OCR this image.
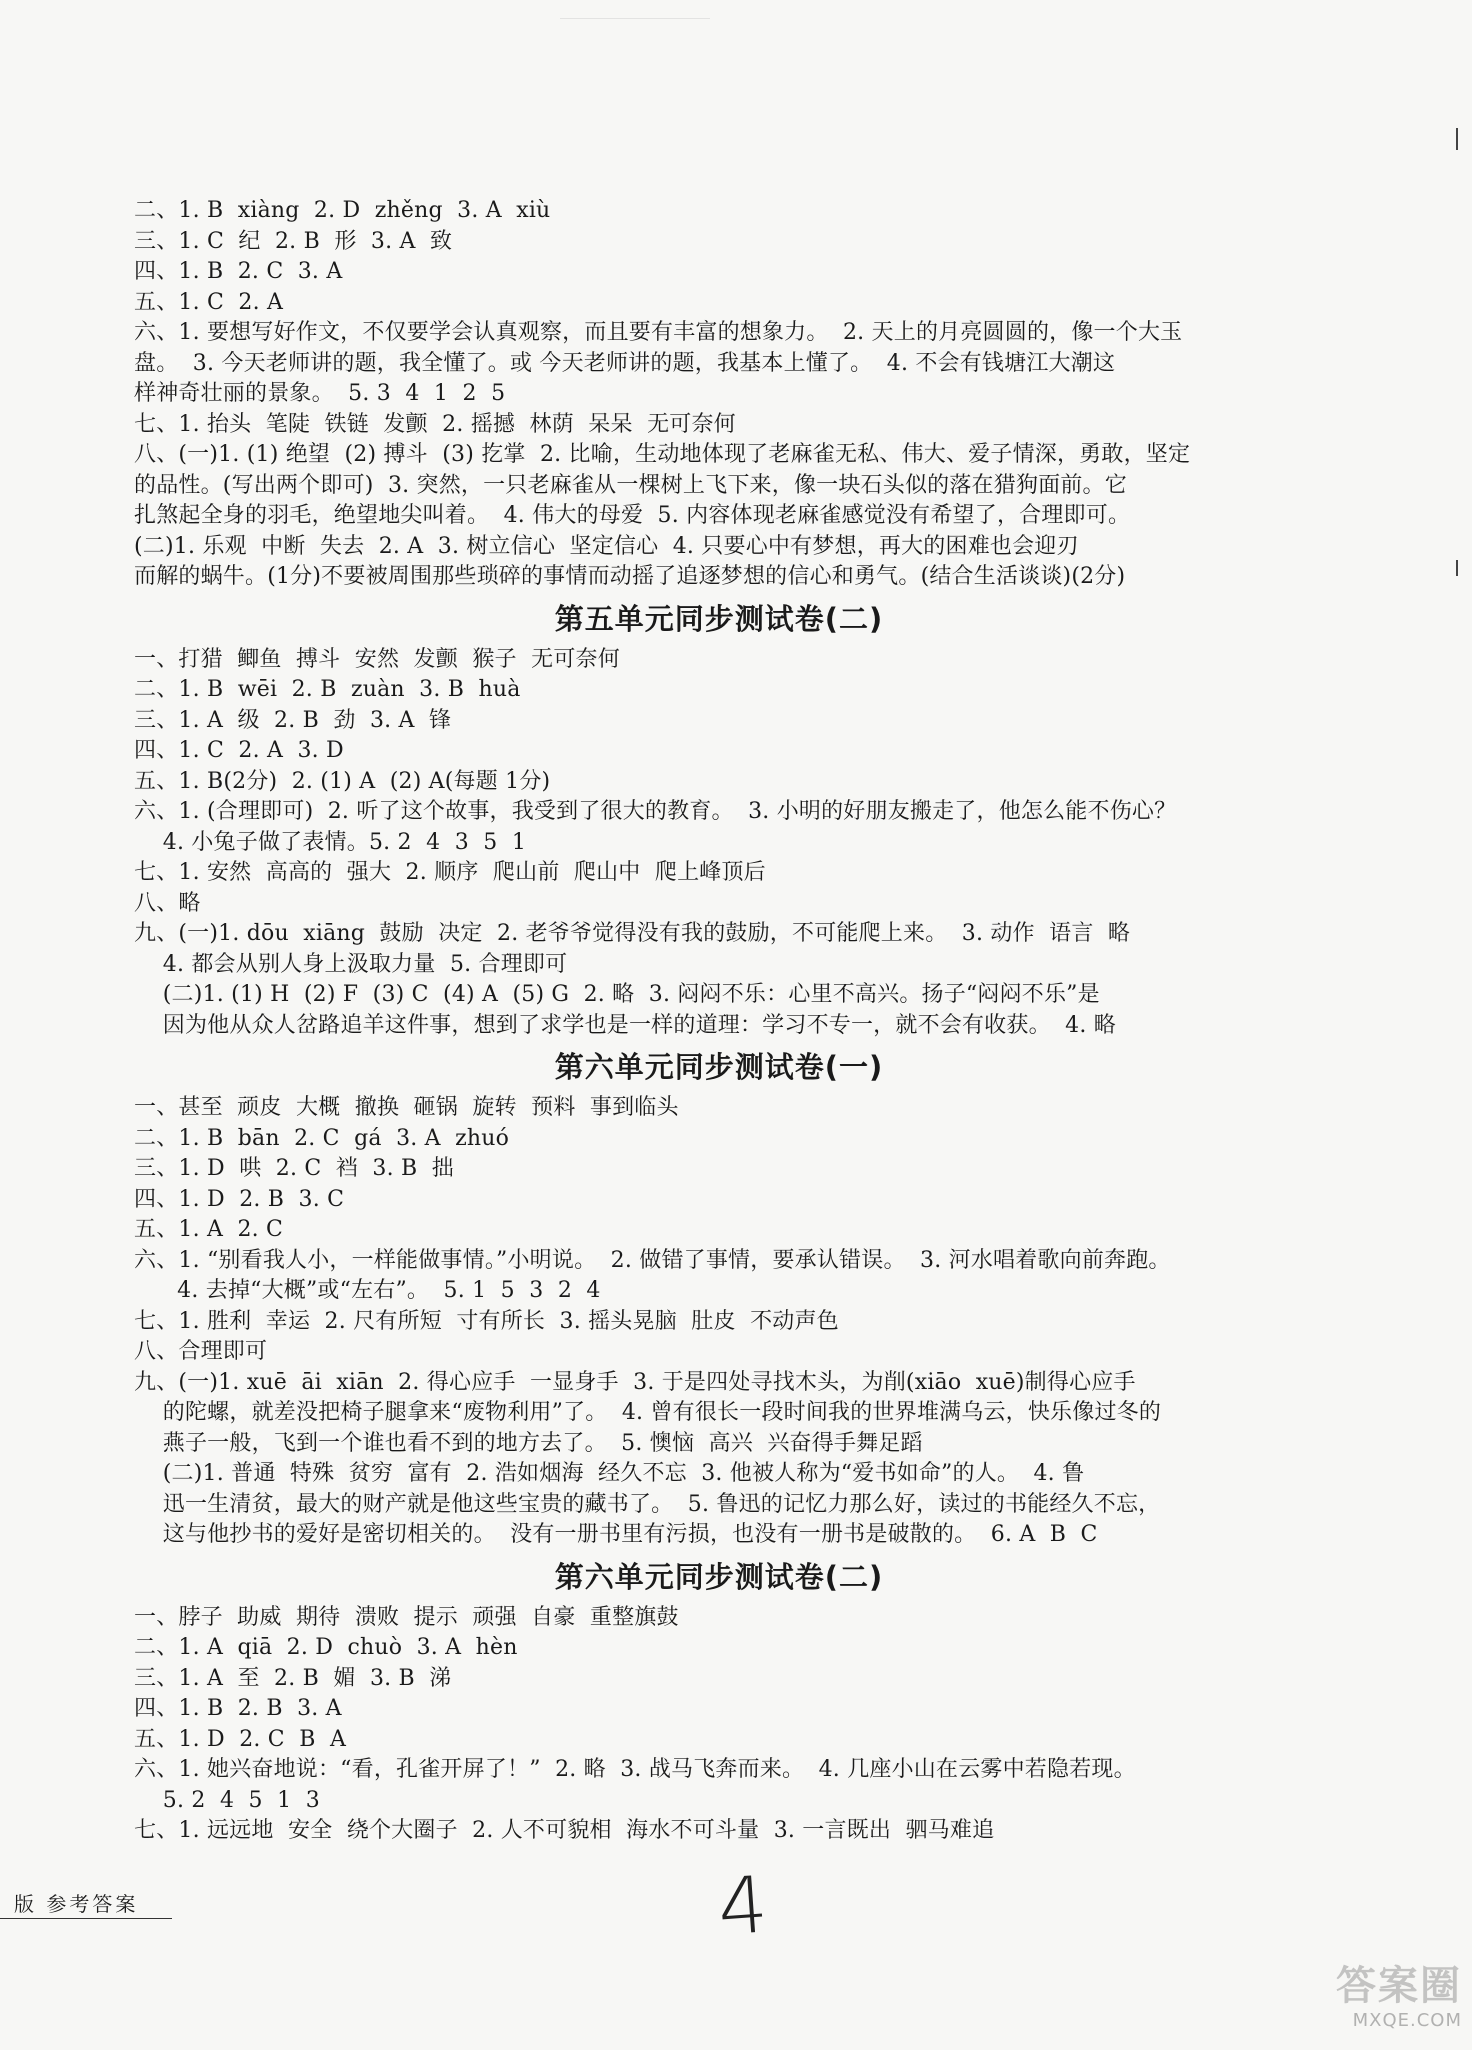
二、1. B  xiàng  2. D  zhěng  3. A  xiù
三、1. C  纪  2. B  形  3. A  致
四、1. B  2. C  3. A
五、1. C  2. A
六、1. 要想写好作文，不仅要学会认真观察，而且要有丰富的想象力。  2. 天上的月亮圆圆的，像一个大玉
盘。  3. 今天老师讲的题，我全懂了。或 今天老师讲的题，我基本上懂了。  4. 不会有钱塘江大潮这
样神奇壮丽的景象。  5. 3  4  1  2  5
七、1. 抬头  笔陡  铁链  发颤  2. 摇撼  林荫  呆呆  无可奈何
八、(一)1. (1) 绝望  (2) 搏斗  (3) 扢掌  2. 比喻，生动地体现了老麻雀无私、伟大、爱子情深，勇敢，坚定
的品性。(写出两个即可)  3. 突然，一只老麻雀从一棵树上飞下来，像一块石头似的落在猎狗面前。它
扎煞起全身的羽毛，绝望地尖叫着。  4. 伟大的母爱  5. 内容体现老麻雀感觉没有希望了，合理即可。
(二)1. 乐观  中断  失去  2. A  3. 树立信心  坚定信心  4. 只要心中有梦想，再大的困难也会迎刃
而解的蜗牛。(1分)不要被周围那些琐碎的事情而动摇了追逐梦想的信心和勇气。(结合生活谈谈)(2分)
第五单元同步测试卷(二)
一、打猎  鲫鱼  搏斗  安然  发颤  猴子  无可奈何
二、1. B  wēi  2. B  zuàn  3. B  huà
三、1. A  级  2. B  劲  3. A  锋
四、1. C  2. A  3. D
五、1. B(2分)  2. (1) A  (2) A(每题 1分)
六、1. (合理即可)  2. 听了这个故事，我受到了很大的教育。  3. 小明的好朋友搬走了，他怎么能不伤心？
4. 小兔子做了表情。5. 2  4  3  5  1
七、1. 安然  高高的  强大  2. 顺序  爬山前  爬山中  爬上峰顶后
八、略
九、(一)1. dōu  xiāng  鼓励  决定  2. 老爷爷觉得没有我的鼓励，不可能爬上来。  3. 动作  语言  略
4. 都会从别人身上汲取力量  5. 合理即可
(二)1. (1) H  (2) F  (3) C  (4) A  (5) G  2. 略  3. 闷闷不乐：心里不高兴。扬子“闷闷不乐”是
因为他从众人岔路追羊这件事，想到了求学也是一样的道理：学习不专一，就不会有收获。  4. 略
第六单元同步测试卷(一)
一、甚至  顽皮  大概  撤换  砸锅  旋转  预料  事到临头
二、1. B  bān  2. C  gá  3. A  zhuó
三、1. D  哄  2. C  裆  3. B  拙
四、1. D  2. B  3. C
五、1. A  2. C
六、1. “别看我人小，一样能做事情。”小明说。  2. 做错了事情，要承认错误。  3. 河水唱着歌向前奔跑。
4. 去掉“大概”或“左右”。  5. 1  5  3  2  4
七、1. 胜利  幸运  2. 尺有所短  寸有所长  3. 摇头晃脑  肚皮  不动声色
八、合理即可
九、(一)1. xuē  āi  xiān  2. 得心应手  一显身手  3. 于是四处寻找木头，为削(xiāo  xuē)制得心应手
的陀螺，就差没把椅子腿拿来“废物利用”了。  4. 曾有很长一段时间我的世界堆满乌云，快乐像过冬的
燕子一般，飞到一个谁也看不到的地方去了。  5. 懊恼  高兴  兴奋得手舞足蹈
(二)1. 普通  特殊  贫穷  富有  2. 浩如烟海  经久不忘  3. 他被人称为“爱书如命”的人。  4. 鲁
迅一生清贫，最大的财产就是他这些宝贵的藏书了。  5. 鲁迅的记忆力那么好，读过的书能经久不忘，
这与他抄书的爱好是密切相关的。  没有一册书里有污损，也没有一册书是破散的。  6. A  B  C
第六单元同步测试卷(二)
一、脖子  助威  期待  溃败  提示  顽强  自豪  重整旗鼓
二、1. A  qiā  2. D  chuò  3. A  hèn
三、1. A  至  2. B  媚  3. B  涕
四、1. B  2. B  3. A
五、1. D  2. C  B  A
六、1. 她兴奋地说：“看，孔雀开屏了！”  2. 略  3. 战马飞奔而来。  4. 几座小山在云雾中若隐若现。
5. 2  4  5  1  3
七、1. 远远地  安全  绕个大圈子  2. 人不可貌相  海水不可斗量  3. 一言既出  驷马难追
版 参考答案	4
答案圈
MXQE.COM
